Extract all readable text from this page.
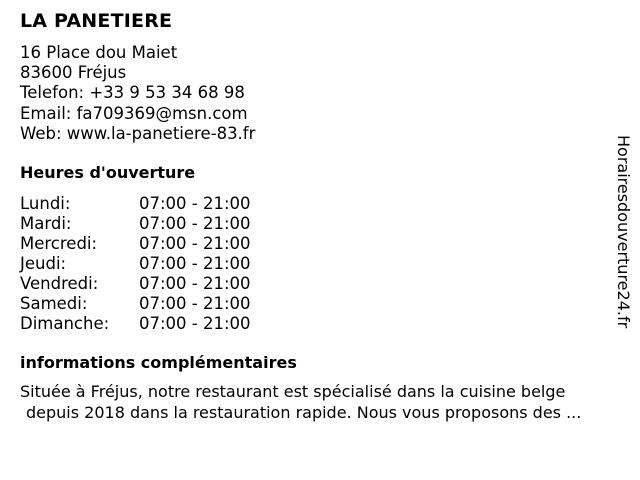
LA PANETIERE
16 Place dou Maiet
83600 Fréjus
Telefon: +33 9 53 34 68 98
Email: fa709369@msn.com
Web: www.la-panetiere-83.fr
Heures d'ouverture
Lundi:	07:00 - 21:00
Mardi:	07:00 - 21:00
Mercredi:	07:00 - 21:00
Jeudi:	07:00 - 21:00
Vendredi: 07:00 - 21:00
Samedi:	07:00 - 21:00
Dimanche: 07:00 - 21:00
informations complémentaires
Située à Fréjus, notre restaurant est spécialisé dans la cuisine belge
depuis 2018 dans la restauration rapide. Nous vous proposons des ...
Horairesdouverture24.fr
